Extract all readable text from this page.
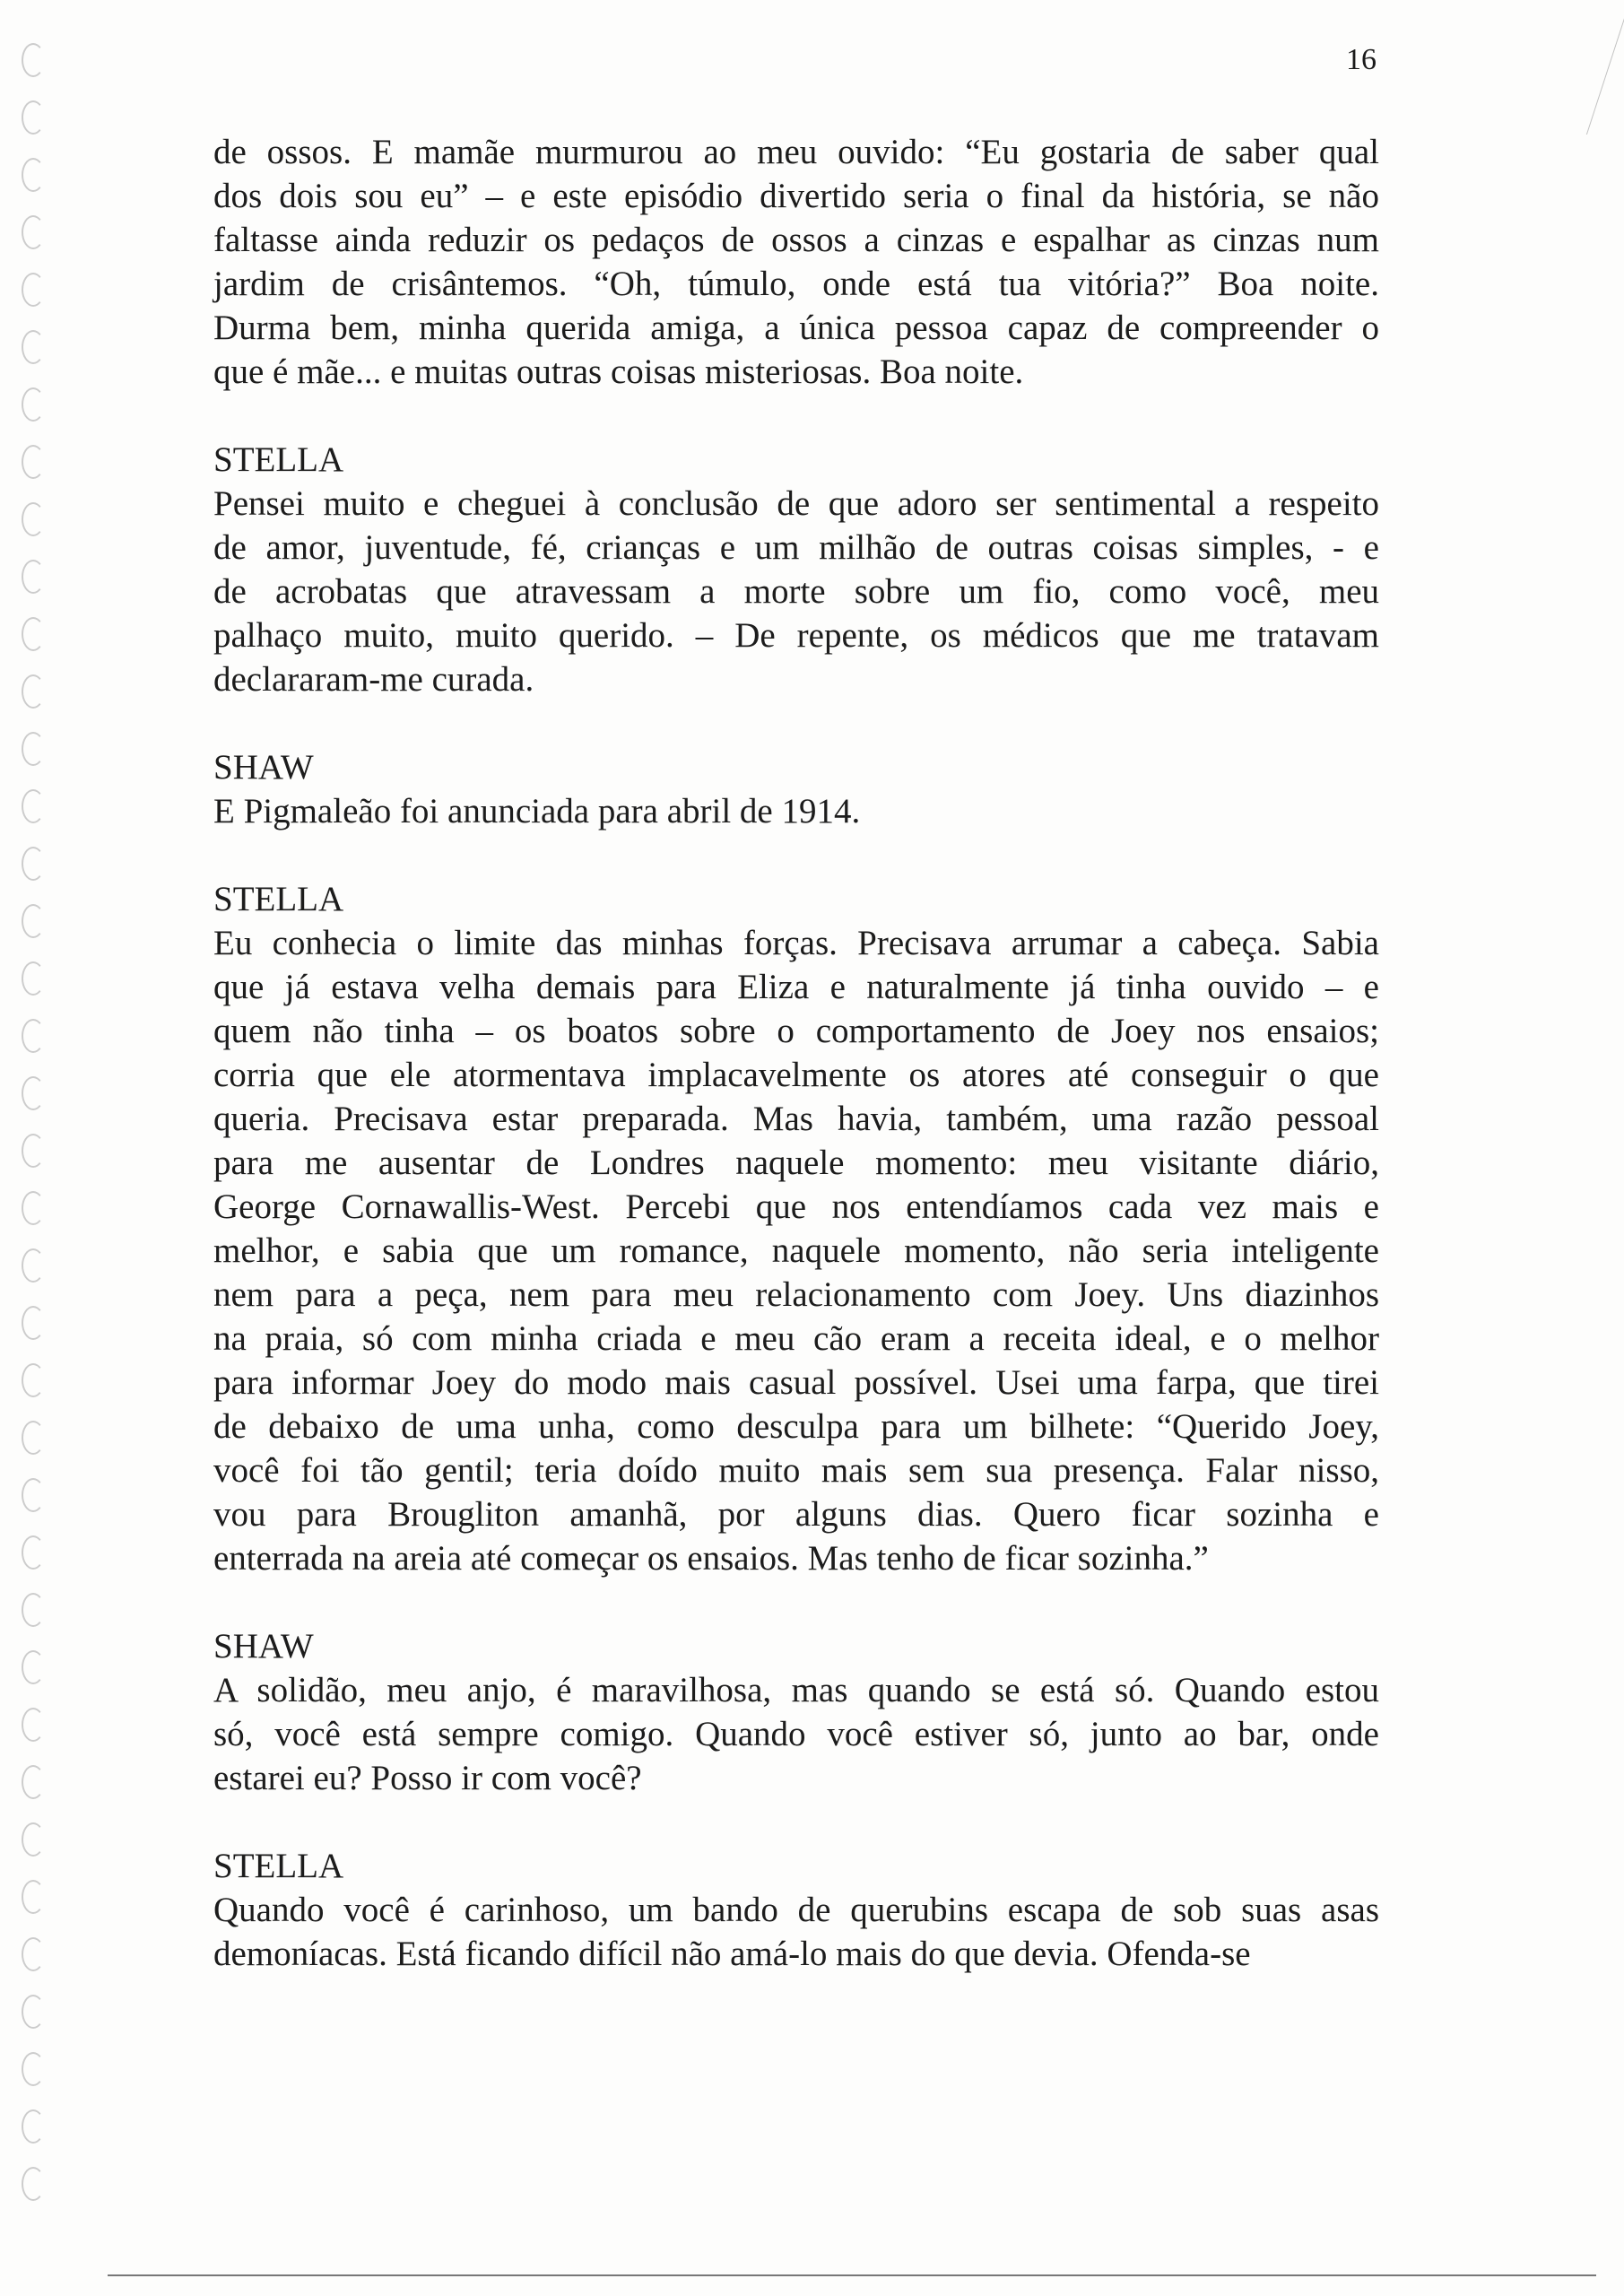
16

de ossos. E mamãe murmurou ao meu ouvido: “Eu gostaria de saber qual
dos dois sou eu” – e este episódio divertido seria o final da história, se não
faltasse ainda reduzir os pedaços de ossos a cinzas e espalhar as cinzas num
jardim de crisântemos. “Oh, túmulo, onde está tua vitória?” Boa noite.
Durma bem, minha querida amiga, a única pessoa capaz de compreender o
que é mãe... e muitas outras coisas misteriosas. Boa noite.

STELLA

Pensei muito e cheguei à conclusão de que adoro ser sentimental a respeito
de amor, juventude, fé, crianças e um milhão de outras coisas simples, - e
de acrobatas que atravessam a morte sobre um fio, como você, meu
palhaço muito, muito querido. – De repente, os médicos que me tratavam
declararam-me curada.

SHAW

E Pigmaleão foi anunciada para abril de 1914.

STELLA

Eu conhecia o limite das minhas forças. Precisava arrumar a cabeça. Sabia
que já estava velha demais para Eliza e naturalmente já tinha ouvido – e
quem não tinha – os boatos sobre o comportamento de Joey nos ensaios;
corria que ele atormentava implacavelmente os atores até conseguir o que
queria. Precisava estar preparada. Mas havia, também, uma razão pessoal
para me ausentar de Londres naquele momento: meu visitante diário,
George Cornawallis-West. Percebi que nos entendíamos cada vez mais e
melhor, e sabia que um romance, naquele momento, não seria inteligente
nem para a peça, nem para meu relacionamento com Joey. Uns diazinhos
na praia, só com minha criada e meu cão eram a receita ideal, e o melhor
para informar Joey do modo mais casual possível. Usei uma farpa, que tirei
de debaixo de uma unha, como desculpa para um bilhete: “Querido Joey,
você foi tão gentil; teria doído muito mais sem sua presença. Falar nisso,
vou para Brougliton amanhã, por alguns dias. Quero ficar sozinha e
enterrada na areia até começar os ensaios. Mas tenho de ficar sozinha.”

SHAW

A solidão, meu anjo, é maravilhosa, mas quando se está só. Quando estou
só, você está sempre comigo. Quando você estiver só, junto ao bar, onde
estarei eu? Posso ir com você?

STELLA

Quando você é carinhoso, um bando de querubins escapa de sob suas asas
demoníacas. Está ficando difícil não amá-lo mais do que devia. Ofenda-se
